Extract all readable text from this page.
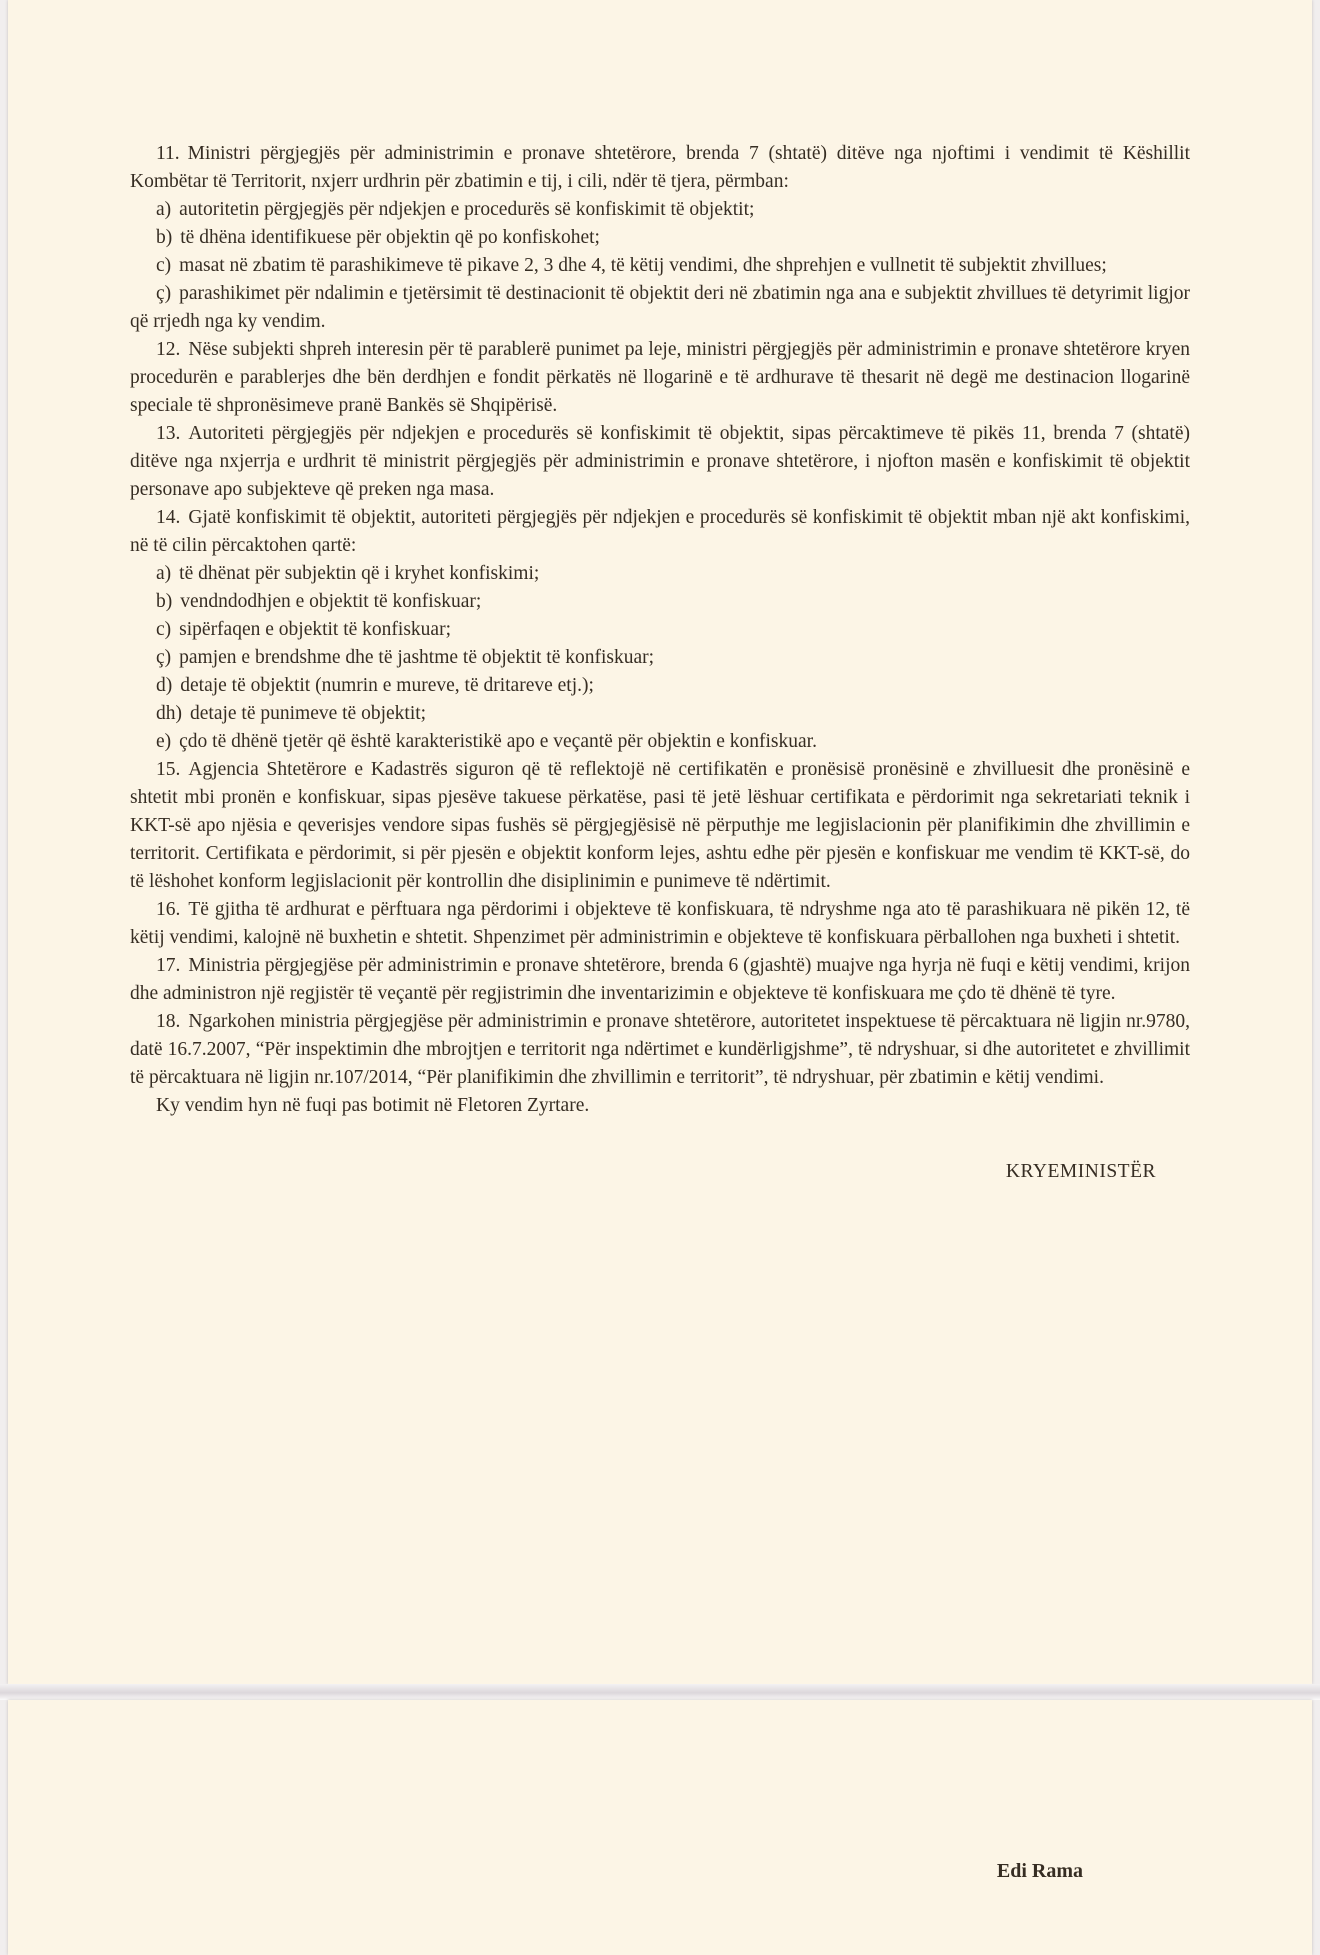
11. Ministri përgjegjës për administrimin e pronave shtetërore, brenda 7 (shtatë) ditëve nga njoftimi i vendimit të Këshillit Kombëtar të Territorit, nxjerr urdhrin për zbatimin e tij, i cili, ndër të tjera, përmban:

a) autoritetin përgjegjës për ndjekjen e procedurës së konfiskimit të objektit;

b) të dhëna identifikuese për objektin që po konfiskohet;

c) masat në zbatim të parashikimeve të pikave 2, 3 dhe 4, të këtij vendimi, dhe shprehjen e vullnetit të subjektit zhvillues;

ç) parashikimet për ndalimin e tjetërsimit të destinacionit të objektit deri në zbatimin nga ana e subjektit zhvillues të detyrimit ligjor që rrjedh nga ky vendim.

12. Nëse subjekti shpreh interesin për të parablerë punimet pa leje, ministri përgjegjës për administrimin e pronave shtetërore kryen procedurën e parablerjes dhe bën derdhjen e fondit përkatës në llogarinë e të ardhurave të thesarit në degë me destinacion llogarinë speciale të shpronësimeve pranë Bankës së Shqipërisë.

13. Autoriteti përgjegjës për ndjekjen e procedurës së konfiskimit të objektit, sipas përcaktimeve të pikës 11, brenda 7 (shtatë) ditëve nga nxjerrja e urdhrit të ministrit përgjegjës për administrimin e pronave shtetërore, i njofton masën e konfiskimit të objektit personave apo subjekteve që preken nga masa.

14. Gjatë konfiskimit të objektit, autoriteti përgjegjës për ndjekjen e procedurës së konfiskimit të objektit mban një akt konfiskimi, në të cilin përcaktohen qartë:

a) të dhënat për subjektin që i kryhet konfiskimi;

b) vendndodhjen e objektit të konfiskuar;

c) sipërfaqen e objektit të konfiskuar;

ç) pamjen e brendshme dhe të jashtme të objektit të konfiskuar;

d) detaje të objektit (numrin e mureve, të dritareve etj.);

dh) detaje të punimeve të objektit;

e) çdo të dhënë tjetër që është karakteristikë apo e veçantë për objektin e konfiskuar.

15. Agjencia Shtetërore e Kadastrës siguron që të reflektojë në certifikatën e pronësisë pronësinë e zhvilluesit dhe pronësinë e shtetit mbi pronën e konfiskuar, sipas pjesëve takuese përkatëse, pasi të jetë lëshuar certifikata e përdorimit nga sekretariati teknik i KKT-së apo njësia e qeverisjes vendore sipas fushës së përgjegjësisë në përputhje me legjislacionin për planifikimin dhe zhvillimin e territorit. Certifikata e përdorimit, si për pjesën e objektit konform lejes, ashtu edhe për pjesën e konfiskuar me vendim të KKT-së, do të lëshohet konform legjislacionit për kontrollin dhe disiplinimin e punimeve të ndërtimit.

16. Të gjitha të ardhurat e përftuara nga përdorimi i objekteve të konfiskuara, të ndryshme nga ato të parashikuara në pikën 12, të këtij vendimi, kalojnë në buxhetin e shtetit. Shpenzimet për administrimin e objekteve të konfiskuara përballohen nga buxheti i shtetit.

17. Ministria përgjegjëse për administrimin e pronave shtetërore, brenda 6 (gjashtë) muajve nga hyrja në fuqi e këtij vendimi, krijon dhe administron një regjistër të veçantë për regjistrimin dhe inventarizimin e objekteve të konfiskuara me çdo të dhënë të tyre.

18. Ngarkohen ministria përgjegjëse për administrimin e pronave shtetërore, autoritetet inspektuese të përcaktuara në ligjin nr.9780, datë 16.7.2007, “Për inspektimin dhe mbrojtjen e territorit nga ndërtimet e kundërligjshme”, të ndryshuar, si dhe autoritetet e zhvillimit të përcaktuara në ligjin nr.107/2014, “Për planifikimin dhe zhvillimin e territorit”, të ndryshuar, për zbatimin e këtij vendimi.

Ky vendim hyn në fuqi pas botimit në Fletoren Zyrtare.

KRYEMINISTËR
Edi Rama
